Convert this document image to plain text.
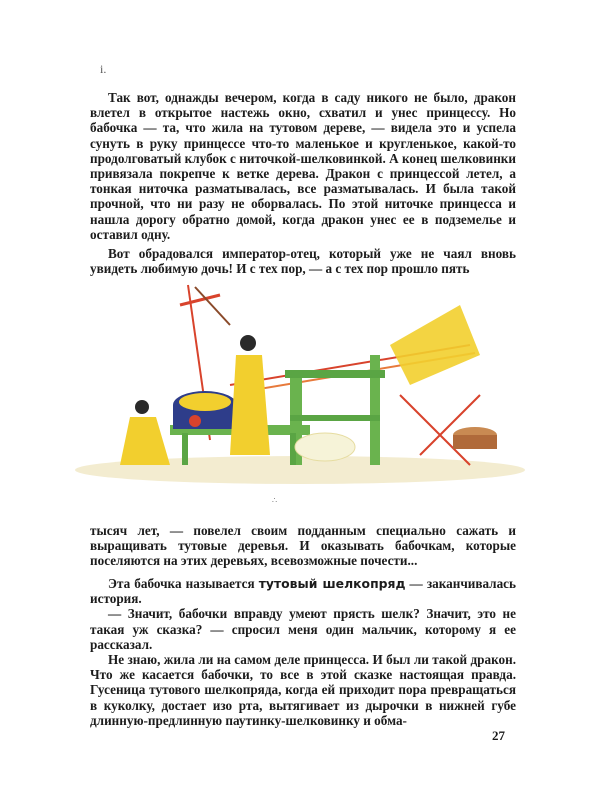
і.

Так вот, однажды вечером, когда в саду никого не было, дракон влетел в открытое настежь окно, схватил и унес принцессу. Но бабочка — та, что жила на тутовом дереве, — видела это и успела сунуть в руку принцессе что-то маленькое и кругленькое, какой-то продолговатый клубок с ниточкой-шелковинкой. А конец шелковинки привязала покрепче к ветке дерева. Дракон с принцессой летел, а тонкая ниточка разматывалась, все разматывалась. И была такой прочной, что ни разу не оборвалась. По этой ниточке принцесса и нашла дорогу обратно домой, когда дракон унес ее в подземелье и оставил одну.

Вот обрадовался император-отец, который уже не чаял вновь увидеть любимую дочь! И с тех пор, — а с тех пор прошло пять

∴

тысяч лет, — повелел своим подданным специально сажать и выращивать тутовые деревья. И оказывать бабочкам, которые поселяются на этих деревьях, всевозможные почести...

Эта бабочка называется тутовый шелкопряд — заканчивалась история.

— Значит, бабочки вправду умеют прясть шелк? Значит, это не такая уж сказка? — спросил меня один мальчик, которому я ее рассказал.

Не знаю, жила ли на самом деле принцесса. И был ли такой дракон. Что же касается бабочки, то все в этой сказке настоящая правда. Гусеница тутового шелкопряда, когда ей приходит пора превращаться в куколку, достает изо рта, вытягивает из дырочки в нижней губе длинную-предлинную паутинку-шелковинку и обма-

27
